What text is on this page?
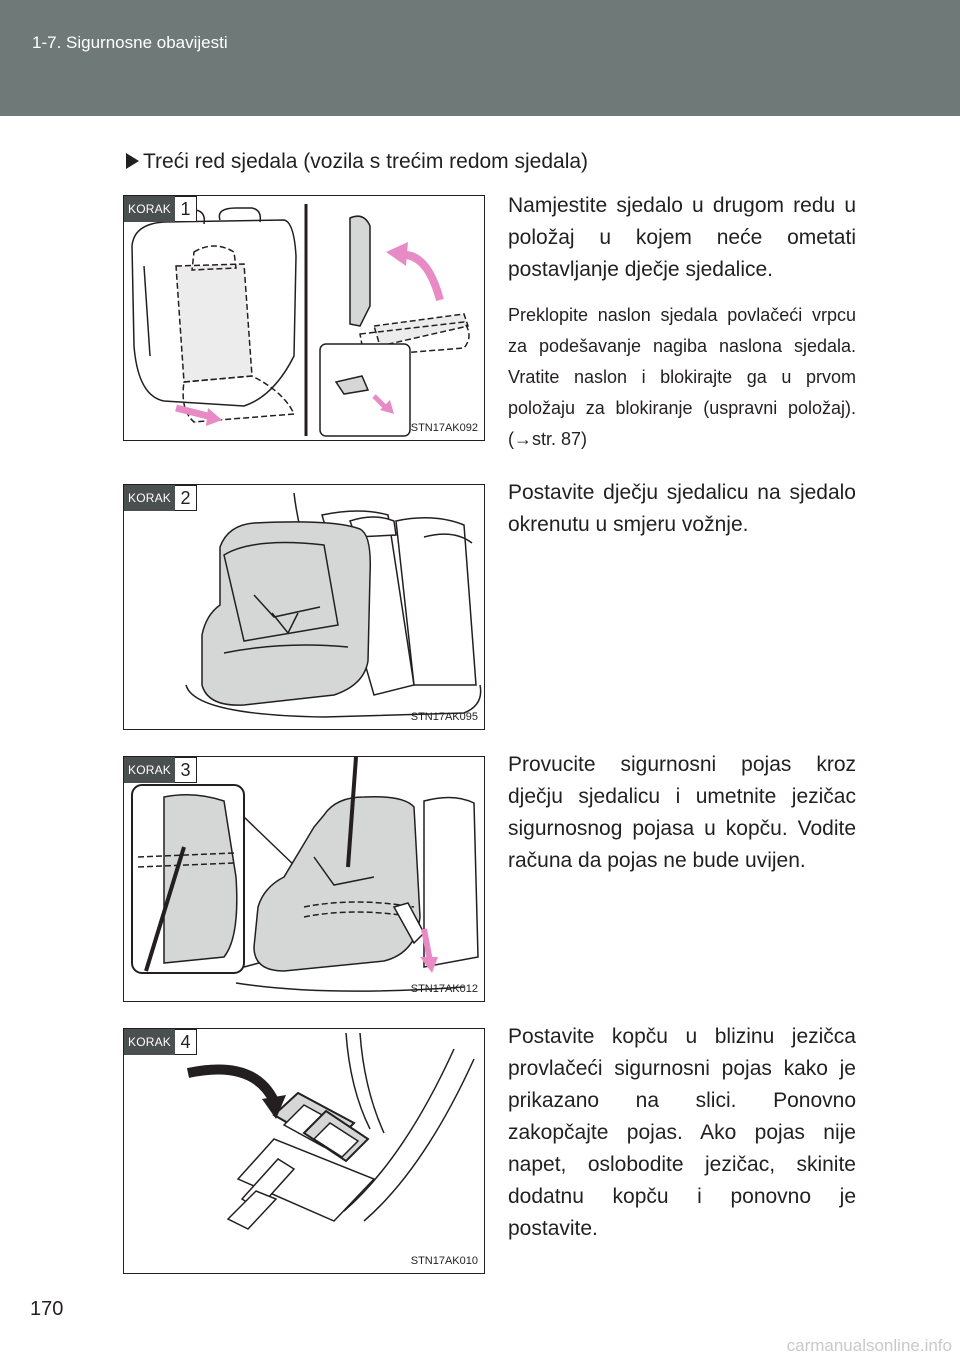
1-7. Sigurnosne obavijesti
Treći red sjedala (vozila s trećim redom sjedala)
KORAK 1
STN17AK092
Namjestite sjedalo u drugom redu u položaj u kojem neće ometati postavljanje dječje sjedalice.
Preklopite naslon sjedala povlačeći vrpcu za podešavanje nagiba naslona sjedala. Vratite naslon i blokirajte ga u prvom položaju za blokiranje (uspravni položaj). (→str. 87)
KORAK 2
STN17AK095
Postavite dječju sjedalicu na sjedalo okrenutu u smjeru vožnje.
KORAK 3
STN17AK012
Provucite sigurnosni pojas kroz dječju sjedalicu i umetnite jezičac sigurnosnog pojasa u kopču. Vodite računa da pojas ne bude uvijen.
KORAK 4
STN17AK010
Postavite kopču u blizinu jezičca provlačeći sigurnosni pojas kako je prikazano na slici. Ponovno zakopčajte pojas. Ako pojas nije napet, oslobodite jezičac, skinite dodatnu kopču i ponovno je postavite.
170
carmanualsonline.info
